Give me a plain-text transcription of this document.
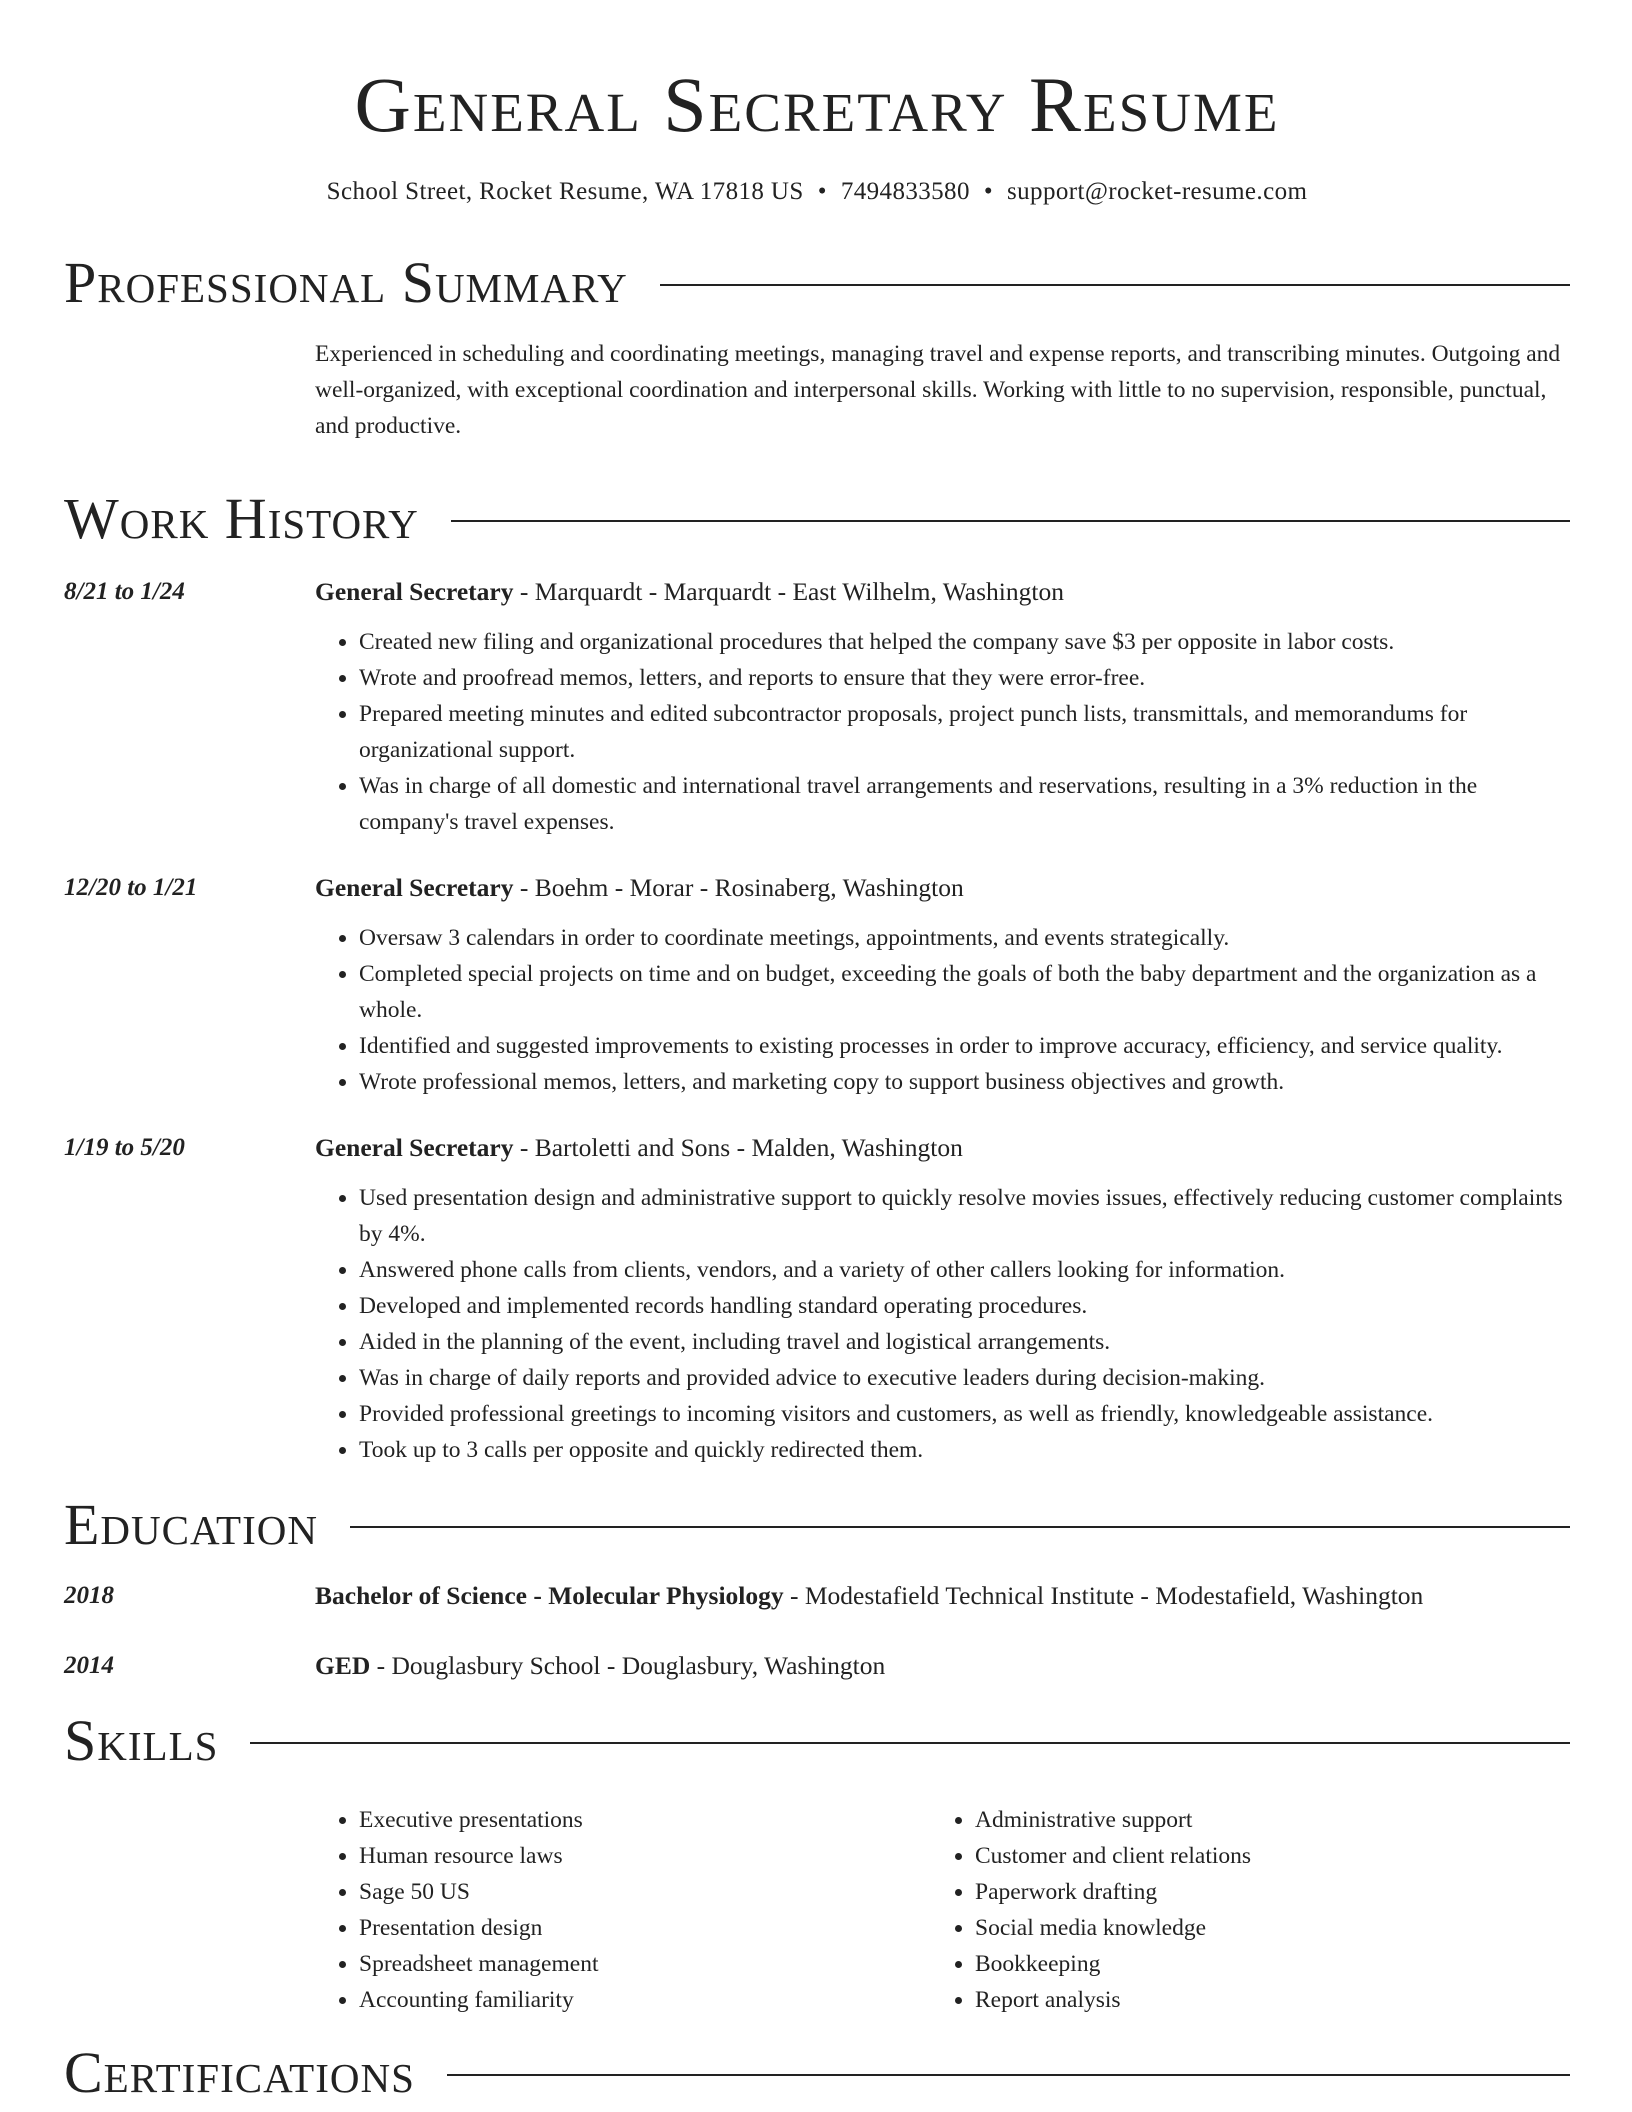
General Secretary Resume
School Street, Rocket Resume, WA 17818 US • 7494833580 • support@rocket-resume.com
Professional Summary
Experienced in scheduling and coordinating meetings, managing travel and expense reports, and transcribing minutes. Outgoing and well-organized, with exceptional coordination and interpersonal skills. Working with little to no supervision, responsible, punctual, and productive.
Work History
8/21 to 1/24	General Secretary - Marquardt - Marquardt - East Wilhelm, Washington
• Created new filing and organizational procedures that helped the company save $3 per opposite in labor costs.
• Wrote and proofread memos, letters, and reports to ensure that they were error-free.
• Prepared meeting minutes and edited subcontractor proposals, project punch lists, transmittals, and memorandums for organizational support.
• Was in charge of all domestic and international travel arrangements and reservations, resulting in a 3% reduction in the company's travel expenses.
12/20 to 1/21	General Secretary - Boehm - Morar - Rosinaberg, Washington
• Oversaw 3 calendars in order to coordinate meetings, appointments, and events strategically.
• Completed special projects on time and on budget, exceeding the goals of both the baby department and the organization as a whole.
• Identified and suggested improvements to existing processes in order to improve accuracy, efficiency, and service quality.
• Wrote professional memos, letters, and marketing copy to support business objectives and growth.
1/19 to 5/20	General Secretary - Bartoletti and Sons - Malden, Washington
• Used presentation design and administrative support to quickly resolve movies issues, effectively reducing customer complaints by 4%.
• Answered phone calls from clients, vendors, and a variety of other callers looking for information.
• Developed and implemented records handling standard operating procedures.
• Aided in the planning of the event, including travel and logistical arrangements.
• Was in charge of daily reports and provided advice to executive leaders during decision-making.
• Provided professional greetings to incoming visitors and customers, as well as friendly, knowledgeable assistance.
• Took up to 3 calls per opposite and quickly redirected them.
Education
2018	Bachelor of Science - Molecular Physiology - Modestafield Technical Institute - Modestafield, Washington
2014	GED - Douglasbury School - Douglasbury, Washington
Skills
• Executive presentations
• Human resource laws
• Sage 50 US
• Presentation design
• Spreadsheet management
• Accounting familiarity
• Administrative support
• Customer and client relations
• Paperwork drafting
• Social media knowledge
• Bookkeeping
• Report analysis
Certifications
